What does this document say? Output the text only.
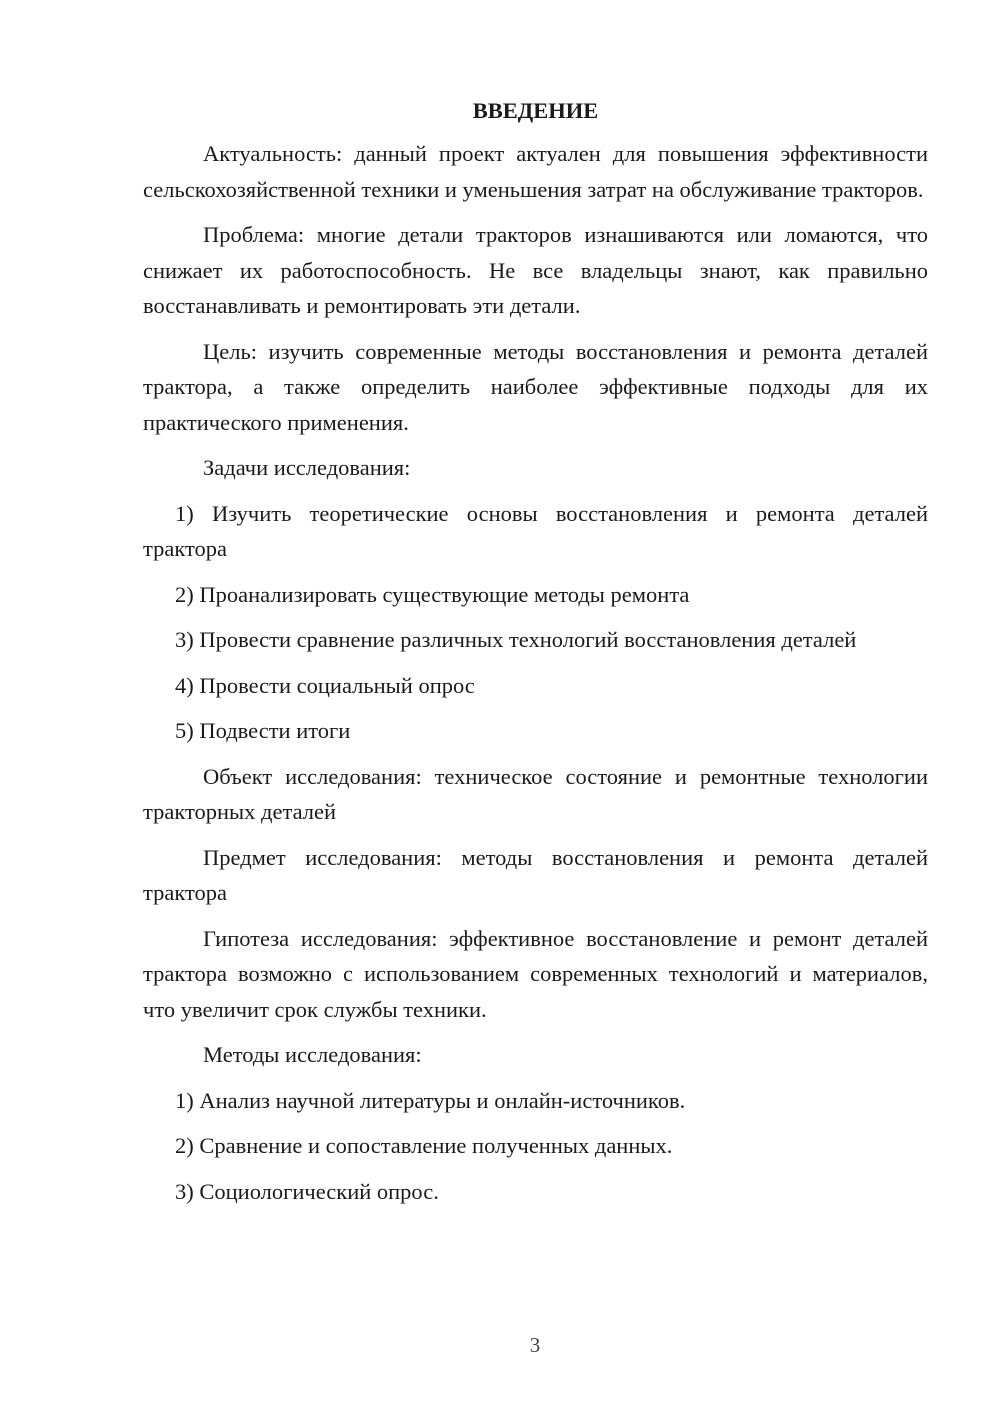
ВВЕДЕНИЕ

Актуальность: данный проект актуален для повышения эффективности сельскохозяйственной техники и уменьшения затрат на обслуживание тракторов.

Проблема: многие детали тракторов изнашиваются или ломаются, что снижает их работоспособность. Не все владельцы знают, как правильно восстанавливать и ремонтировать эти детали.

Цель: изучить современные методы восстановления и ремонта деталей трактора, а также определить наиболее эффективные подходы для их практического применения.

Задачи исследования:

1) Изучить теоретические основы восстановления и ремонта деталей трактора

2) Проанализировать существующие методы ремонта

3) Провести сравнение различных технологий восстановления деталей

4) Провести социальный опрос

5) Подвести итоги

Объект исследования: техническое состояние и ремонтные технологии тракторных деталей

Предмет исследования: методы восстановления и ремонта деталей трактора

Гипотеза исследования: эффективное восстановление и ремонт деталей трактора возможно с использованием современных технологий и материалов, что увеличит срок службы техники.

Методы исследования:

1) Анализ научной литературы и онлайн-источников.

2) Сравнение и сопоставление полученных данных.

3) Социологический опрос.

3
